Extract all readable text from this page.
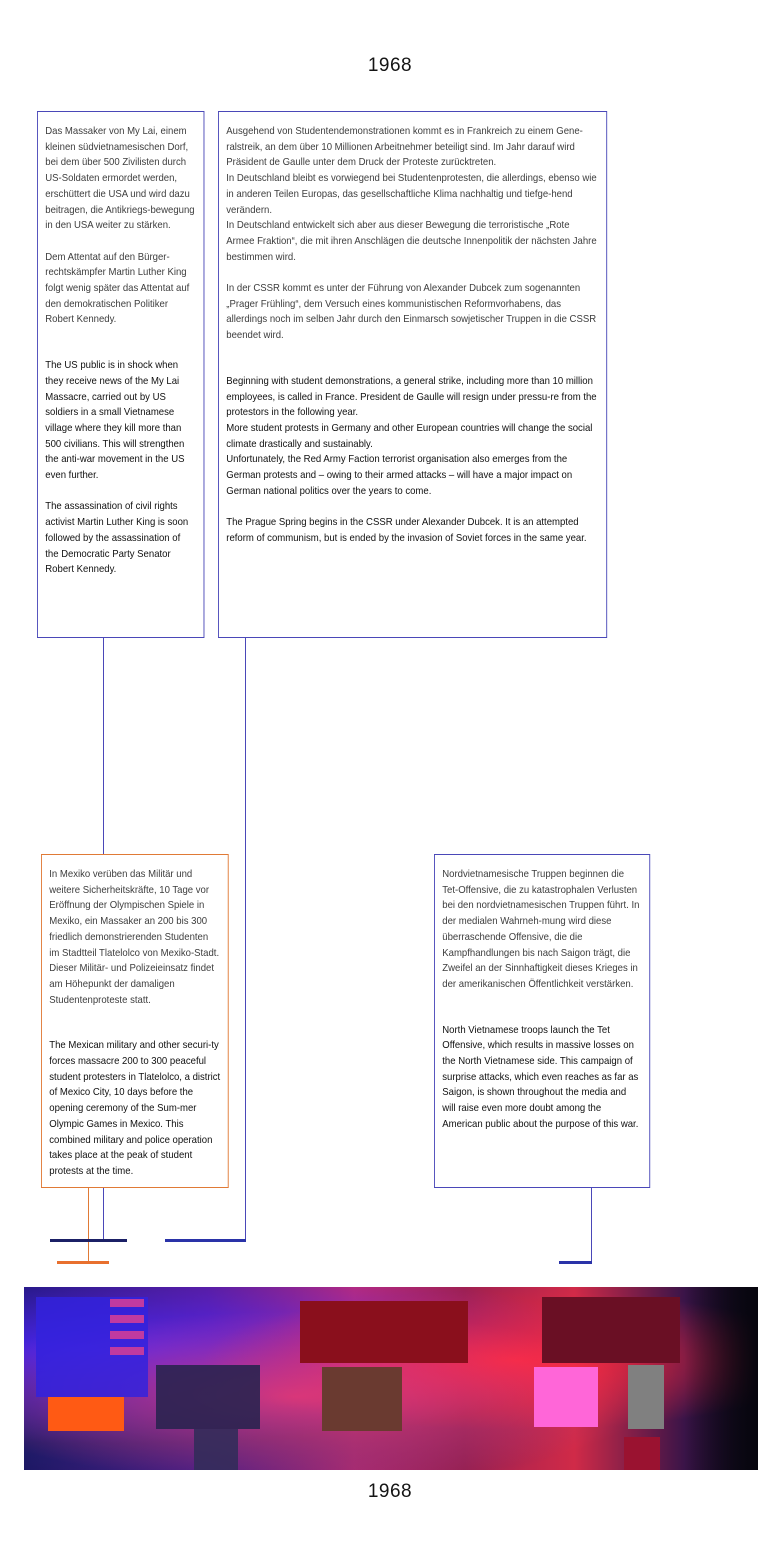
1968

Das Massaker von My Lai, einem kleinen südvietnamesischen Dorf, bei dem über 500 Zivilisten durch US-Soldaten ermordet werden, erschüttert die USA und wird dazu beitragen, die Antikriegs-bewegung in den USA weiter zu stärken.

Dem Attentat auf den Bürger-rechtskämpfer Martin Luther King folgt wenig später das Attentat auf den demokratischen Politiker Robert Kennedy.

The US public is in shock when they receive news of the My Lai Massacre, carried out by US soldiers in a small Vietnamese village where they kill more than 500 civilians. This will strengthen the anti-war movement in the US even further.

The assassination of civil rights activist Martin Luther King is soon followed by the assassination of the Democratic Party Senator Robert Kennedy.

Ausgehend von Studentendemonstrationen kommt es in Frankreich zu einem Gene-ralstreik, an dem über 10 Millionen Arbeitnehmer beteiligt sind. Im Jahr darauf wird Präsident de Gaulle unter dem Druck der Proteste zurücktreten.
In Deutschland bleibt es vorwiegend bei Studentenprotesten, die allerdings, ebenso wie in anderen Teilen Europas, das gesellschaftliche Klima nachhaltig und tiefge-hend verändern.
In Deutschland entwickelt sich aber aus dieser Bewegung die terroristische „Rote Armee Fraktion“, die mit ihren Anschlägen die deutsche Innenpolitik der nächsten Jahre bestimmen wird.

In der CSSR kommt es unter der Führung von Alexander Dubcek zum sogenannten „Prager Frühling“, dem Versuch eines kommunistischen Reformvorhabens, das allerdings noch im selben Jahr durch den Einmarsch sowjetischer Truppen in die CSSR beendet wird.

Beginning with student demonstrations, a general strike, including more than 10 million employees, is called in France. President de Gaulle will resign under pressu-re from the protestors in the following year.
More student protests in Germany and other European countries will change the social climate drastically and sustainably.
Unfortunately, the Red Army Faction terrorist organisation also emerges from the German protests and – owing to their armed attacks – will have a major impact on German national politics over the years to come.

The Prague Spring begins in the CSSR under Alexander Dubcek. It is an attempted reform of communism, but is ended by the invasion of Soviet forces in the same year.

In Mexiko verüben das Militär und weitere Sicherheitskräfte, 10 Tage vor Eröffnung der Olympischen Spiele in Mexiko, ein Massaker an 200 bis 300 friedlich demonstrierenden Studenten im Stadtteil Tlatelolco von Mexiko-Stadt. Dieser Militär- und Polizeieinsatz findet am Höhepunkt der damaligen Studentenproteste statt.

The Mexican military and other securi-ty forces massacre 200 to 300 peaceful student protesters in Tlatelolco, a district of Mexico City, 10 days before the opening ceremony of the Sum-mer Olympic Games in Mexico. This combined military and police operation takes place at the peak of student protests at the time.

Nordvietnamesische Truppen beginnen die Tet-Offensive, die zu katastrophalen Verlusten bei den nordvietnamesischen Truppen führt. In der medialen Wahrneh-mung wird diese überraschende Offensive, die die Kampfhandlungen bis nach Saigon trägt, die Zweifel an der Sinnhaftigkeit dieses Krieges in der amerikanischen Öffentlichkeit verstärken.

North Vietnamese troops launch the Tet Offensive, which results in massive losses on the North Vietnamese side. This campaign of surprise attacks, which even reaches as far as Saigon, is shown throughout the media and will raise even more doubt among the American public about the purpose of this war.

1968
